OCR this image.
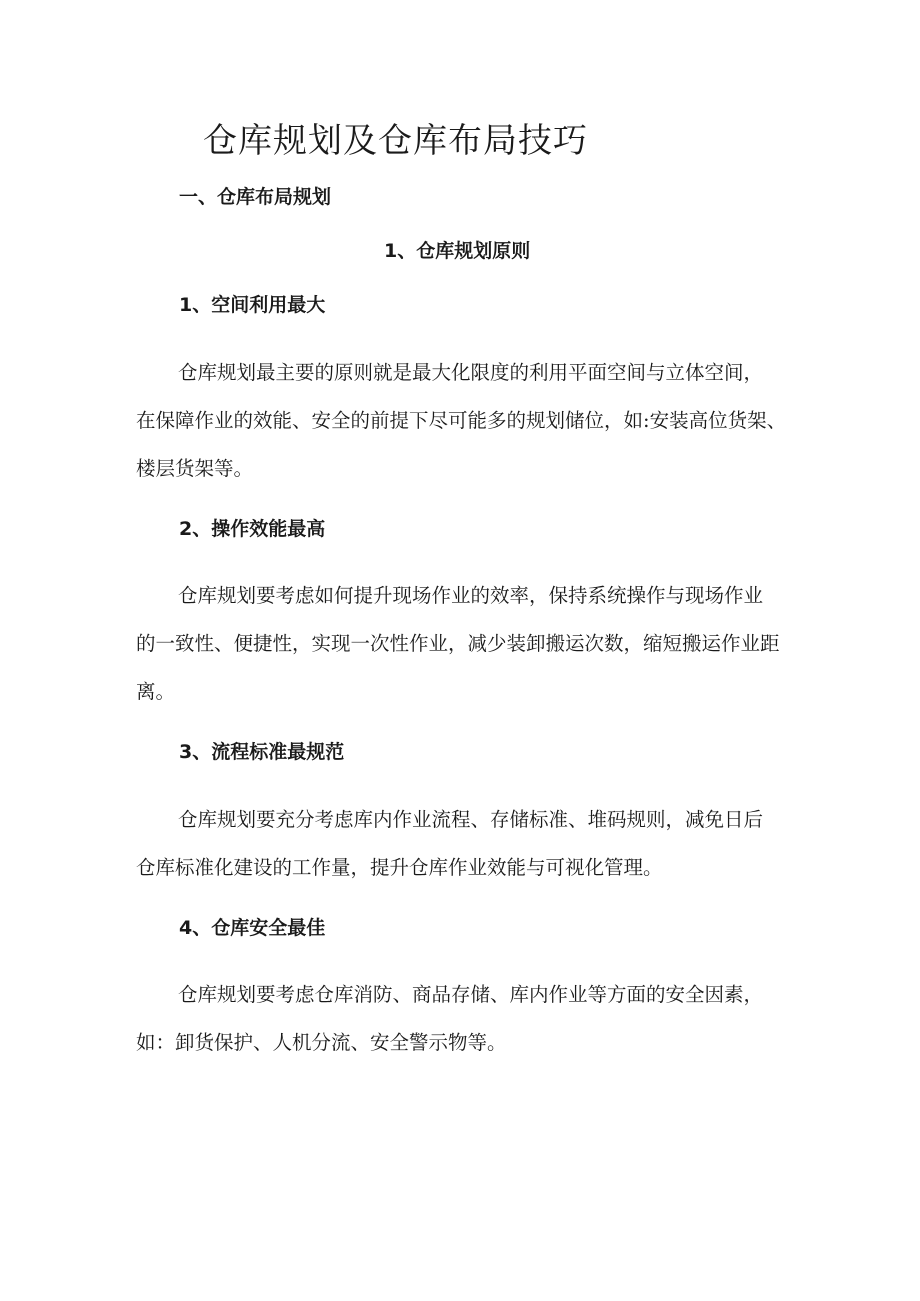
仓库规划及仓库布局技巧
一、仓库布局规划
1、仓库规划原则
1、空间利用最大

仓库规划最主要的原则就是最大化限度的利用平面空间与立体空间，
在保障作业的效能、安全的前提下尽可能多的规划储位，如:安装高位货架、
楼层货架等。

2、操作效能最高

仓库规划要考虑如何提升现场作业的效率，保持系统操作与现场作业
的一致性、便捷性，实现一次性作业，减少装卸搬运次数，缩短搬运作业距
离。

3、流程标准最规范

仓库规划要充分考虑库内作业流程、存储标准、堆码规则，减免日后
仓库标准化建设的工作量，提升仓库作业效能与可视化管理。

4、仓库安全最佳

仓库规划要考虑仓库消防、商品存储、库内作业等方面的安全因素，
如：卸货保护、人机分流、安全警示物等。
